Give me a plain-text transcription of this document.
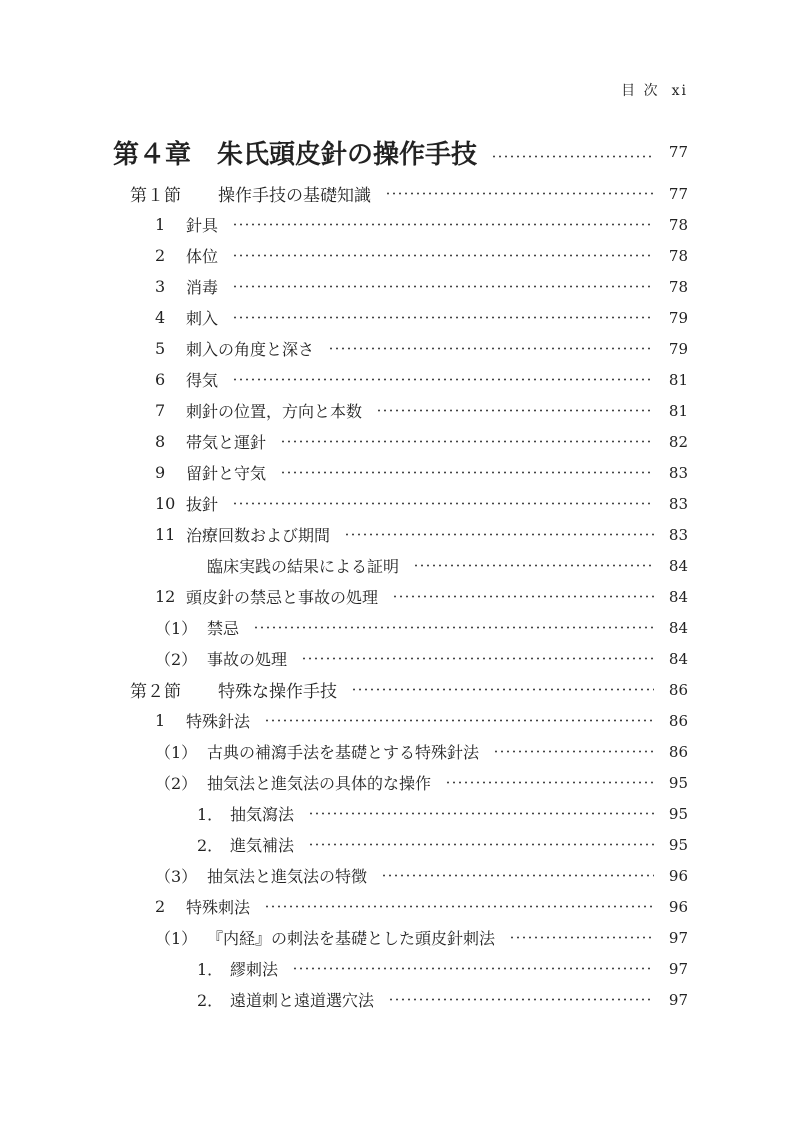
目 次 xi
第４章　 朱氏頭皮針の操作手技	77
第１節	操作手技の基礎知識	77
1	針具	78
2	体位	78
3	消毒	78
4	刺入	79
5	刺入の角度と深さ	79
6	得気	81
7	刺針の位置，方向と本数	81
8	帯気と運針	82
9	留針と守気	83
10 抜針	83
11 治療回数および期間	83
臨床実践の結果による証明	84
12 頭皮針の禁忌と事故の処理	84
（1） 禁忌	84
（2） 事故の処理	84
第２節	特殊な操作手技	86
1	特殊針法	86
（1） 古典の補瀉手法を基礎とする特殊針法	86
（2） 抽気法と進気法の具体的な操作	95
1． 抽気瀉法	95
2． 進気補法	95
（3） 抽気法と進気法の特徴	96
2	特殊刺法	96
（1） 『内経』の刺法を基礎とした頭皮針刺法	97
1． 繆刺法	97
2． 遠道刺と遠道選穴法	97
